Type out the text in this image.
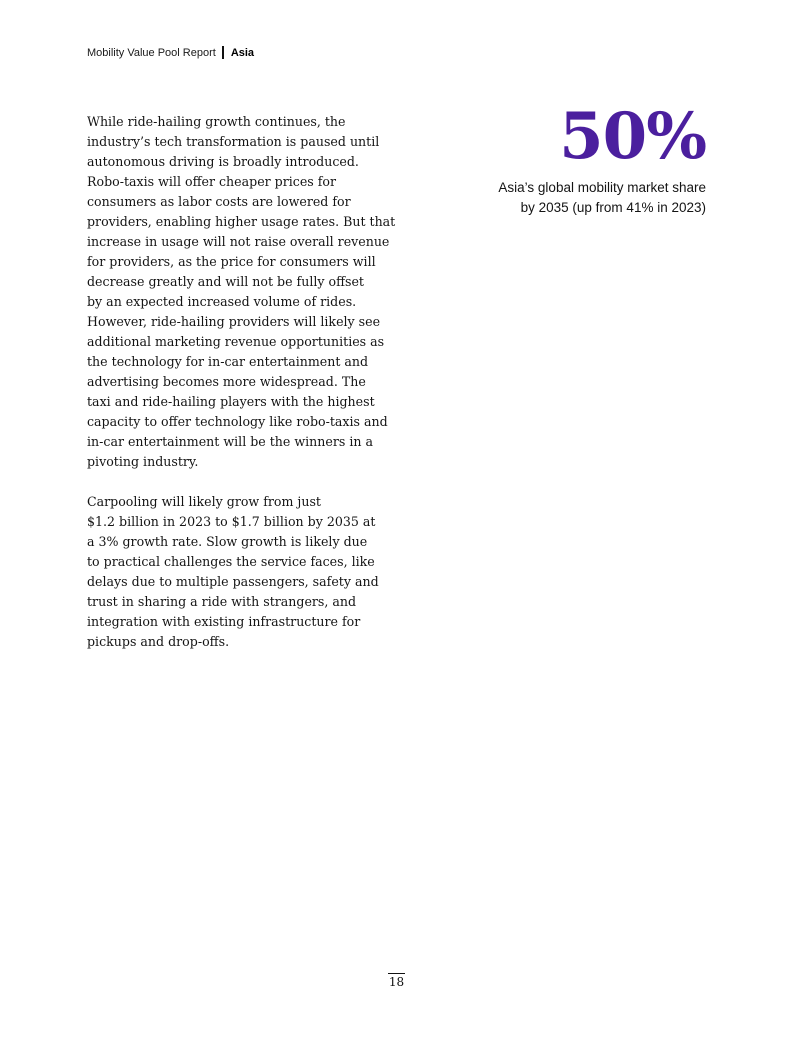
Mobility Value Pool Report Asia

While ride-hailing growth continues, the
industry’s tech transformation is paused until
autonomous driving is broadly introduced.
Robo-taxis will offer cheaper prices for
consumers as labor costs are lowered for
providers, enabling higher usage rates. But that
increase in usage will not raise overall revenue
for providers, as the price for consumers will
decrease greatly and will not be fully offset
by an expected increased volume of rides.
However, ride-hailing providers will likely see
additional marketing revenue opportunities as
the technology for in-car entertainment and
advertising becomes more widespread. The
taxi and ride-hailing players with the highest
capacity to offer technology like robo-taxis and
in-car entertainment will be the winners in a
pivoting industry.

Carpooling will likely grow from just
$1.2 billion in 2023 to $1.7 billion by 2035 at
a 3% growth rate. Slow growth is likely due
to practical challenges the service faces, like
delays due to multiple passengers, safety and
trust in sharing a ride with strangers, and
integration with existing infrastructure for
pickups and drop-offs.

50%
Asia’s global mobility market share
by 2035 (up from 41% in 2023)
18
